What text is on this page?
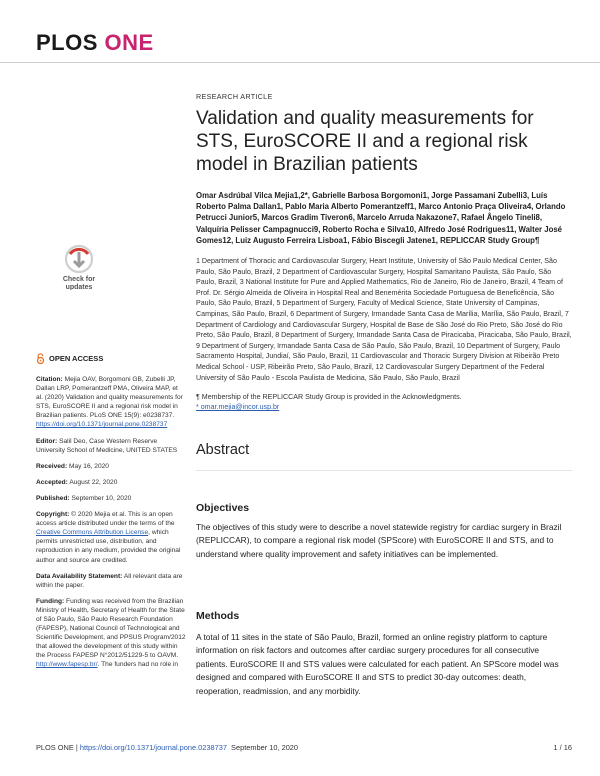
PLOS ONE
Check for
updates
OPEN ACCESS

Citation: Mejia OAV, Borgomoni GB, Zubelli JP, Dallan LRP, Pomerantzeff PMA, Oliveira MAP, et al. (2020) Validation and quality measurements for STS, EuroSCORE II and a regional risk model in Brazilian patients. PLoS ONE 15(9): e0238737. https://doi.org/10.1371/journal.pone.0238737

Editor: Salil Deo, Case Western Reserve University School of Medicine, UNITED STATES

Received: May 16, 2020

Accepted: August 22, 2020

Published: September 10, 2020

Copyright: © 2020 Mejia et al. This is an open access article distributed under the terms of the Creative Commons Attribution License, which permits unrestricted use, distribution, and reproduction in any medium, provided the original author and source are credited.

Data Availability Statement: All relevant data are within the paper.

Funding: Funding was received from the Brazilian Ministry of Health, Secretary of Health for the State of São Paulo, São Paulo Research Foundation (FAPESP), National Council of Technological and Scientific Development, and PPSUS Program/2012 that allowed the development of this study within the Process FAPESP N°2012/51229-5 to OAVM. http://www.fapesp.br/. The funders had no role in

RESEARCH ARTICLE
Validation and quality measurements for STS, EuroSCORE II and a regional risk model in Brazilian patients
Omar Asdrúbal Vilca Mejia1,2*, Gabrielle Barbosa Borgomoni1, Jorge Passamani Zubelli3, Luís Roberto Palma Dallan1, Pablo Maria Alberto Pomerantzeff1, Marco Antonio Praça Oliveira4, Orlando Petrucci Junior5, Marcos Gradim Tiveron6, Marcelo Arruda Nakazone7, Rafael Ângelo Tineli8, Valquíria Pelisser Campagnucci9, Roberto Rocha e Silva10, Alfredo José Rodrigues11, Walter José Gomes12, Luiz Augusto Ferreira Lisboa1, Fábio Biscegli Jatene1, REPLICCAR Study Group¶
1 Department of Thoracic and Cardiovascular Surgery, Heart Institute, University of São Paulo Medical Center, São Paulo, São Paulo, Brazil, 2 Department of Cardiovascular Surgery, Hospital Samaritano Paulista, São Paulo, São Paulo, Brazil, 3 National Institute for Pure and Applied Mathematics, Rio de Janeiro, Rio de Janeiro, Brazil, 4 Team of Prof. Dr. Sérgio Almeida de Oliveira in Hospital Real and Benemérita Sociedade Portuguesa de Beneficência, São Paulo, São Paulo, Brazil, 5 Department of Surgery, Faculty of Medical Science, State University of Campinas, Campinas, São Paulo, Brazil, 6 Department of Surgery, Irmandade Santa Casa de Marília, Marília, São Paulo, Brazil, 7 Department of Cardiology and Cardiovascular Surgery, Hospital de Base de São José do Rio Preto, São José do Rio Preto, São Paulo, Brazil, 8 Department of Surgery, Irmandade Santa Casa de Piracicaba, Piracicaba, São Paulo, Brazil, 9 Department of Surgery, Irmandade Santa Casa de São Paulo, São Paulo, Brazil, 10 Department of Surgery, Paulo Sacramento Hospital, Jundiaí, São Paulo, Brazil, 11 Cardiovascular and Thoracic Surgery Division at Ribeirão Preto Medical School - USP, Ribeirão Preto, São Paulo, Brazil, 12 Cardiovascular Surgery Department of the Federal University of São Paulo - Escola Paulista de Medicina, São Paulo, São Paulo, Brazil
¶ Membership of the REPLICCAR Study Group is provided in the Acknowledgments.
* omar.mejia@incor.usp.br
Abstract
Objectives
The objectives of this study were to describe a novel statewide registry for cardiac surgery in Brazil (REPLICCAR), to compare a regional risk model (SPScore) with EuroSCORE II and STS, and to understand where quality improvement and safety initiatives can be implemented.
Methods
A total of 11 sites in the state of São Paulo, Brazil, formed an online registry platform to capture information on risk factors and outcomes after cardiac surgery procedures for all consecutive patients. EuroSCORE II and STS values were calculated for each patient. An SPScore model was designed and compared with EuroSCORE II and STS to predict 30-day outcomes: death, reoperation, readmission, and any morbidity.
PLOS ONE | https://doi.org/10.1371/journal.pone.0238737 September 10, 2020	1 / 16
